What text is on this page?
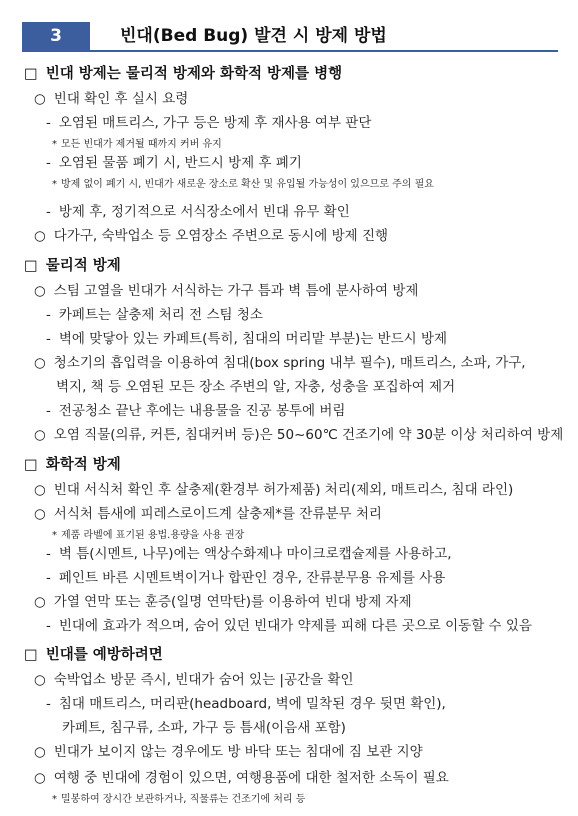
3	빈대(Bed Bug) 발견 시 방제 방법
□ 빈대 방제는 물리적 방제와 화학적 방제를 병행
○ 빈대 확인 후 실시 요령
- 오염된 매트리스, 가구 등은 방제 후 재사용 여부 판단
* 모든 빈대가 제거될 때까지 커버 유지
- 오염된 물품 폐기 시, 반드시 방제 후 폐기
* 방제 없이 폐기 시, 빈대가 새로운 장소로 확산 및 유입될 가능성이 있으므로 주의 필요
- 방제 후, 정기적으로 서식장소에서 빈대 유무 확인
○ 다가구, 숙박업소 등 오염장소 주변으로 동시에 방제 진행
□ 물리적 방제
○ 스팀 고열을 빈대가 서식하는 가구 틈과 벽 틈에 분사하여 방제
- 카페트는 살충제 처리 전 스팀 청소
- 벽에 맞닿아 있는 카페트(특히, 침대의 머리맡 부분)는 반드시 방제
○ 청소기의 흡입력을 이용하여 침대(box spring 내부 필수), 매트리스, 소파, 가구,
벽지, 책 등 오염된 모든 장소 주변의 알, 자충, 성충을 포집하여 제거
- 전공청소 끝난 후에는 내용물을 진공 봉투에 버림
○ 오염 직물(의류, 커튼, 침대커버 등)은 50~60℃ 건조기에 약 30분 이상 처리하여 방제
□ 화학적 방제
○ 빈대 서식처 확인 후 살충제(환경부 허가제품) 처리(제외, 매트리스, 침대 라인)
○ 서식처 틈새에 피레스로이드계 살충제*를 잔류분무 처리
* 제품 라벨에 표기된 용법.용량을 사용 권장
- 벽 틈(시멘트, 나무)에는 액상수화제나 마이크로캡슐제를 사용하고,
- 페인트 바른 시멘트벽이거나 합판인 경우, 잔류분무용 유제를 사용
○ 가열 연막 또는 훈증(일명 연막탄)를 이용하여 빈대 방제 자제
- 빈대에 효과가 적으며, 숨어 있던 빈대가 약제를 피해 다른 곳으로 이동할 수 있음
□ 빈대를 예방하려면
○ 숙박업소 방문 즉시, 빈대가 숨어 있는 |공간을 확인
- 침대 매트리스, 머리판(headboard, 벽에 밀착된 경우 뒷면 확인),
카페트, 침구류, 소파, 가구 등 틈새(이음새 포함)
○ 빈대가 보이지 않는 경우에도 방 바닥 또는 침대에 짐 보관 지양
○ 여행 중 빈대에 경험이 있으면, 여행용품에 대한 철저한 소독이 필요
* 밀봉하여 장시간 보관하거나, 직물류는 건조기에 처리 등
